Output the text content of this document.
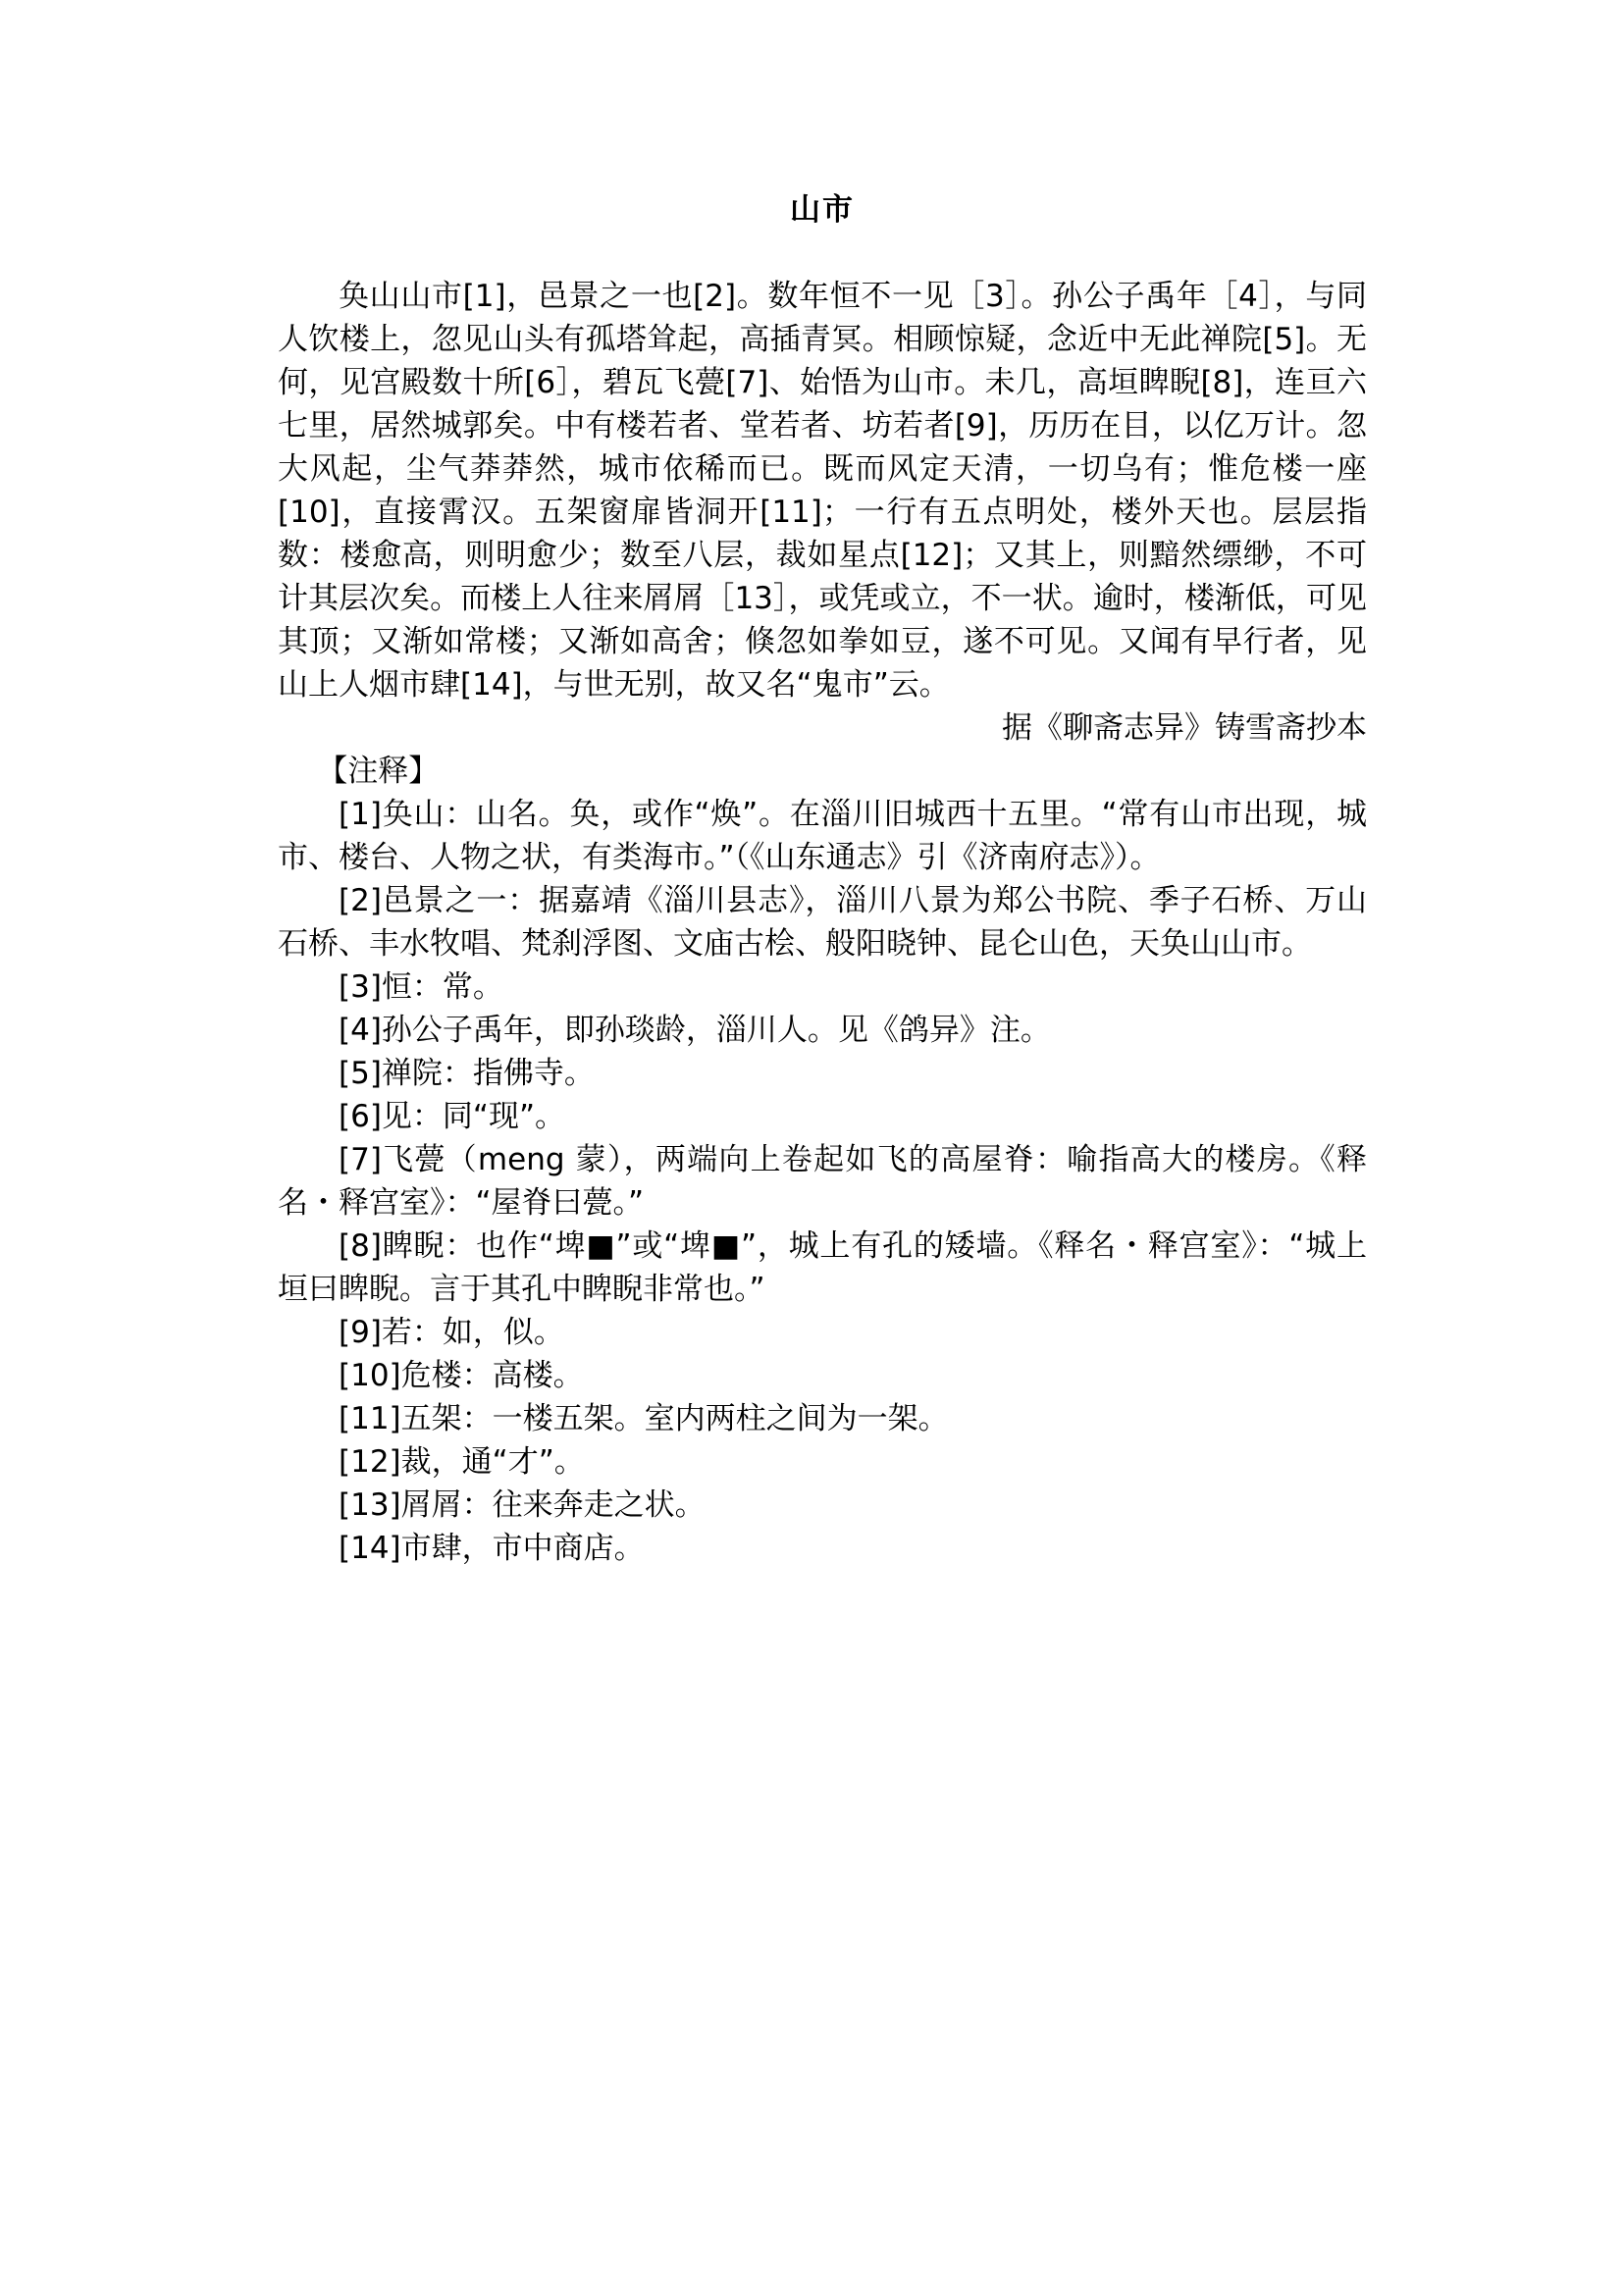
山市

奂山山市[1]，邑景之一也[2]。数年恒不一见［3］。孙公子禹年［4］，与同人饮楼上，忽见山头有孤塔耸起，高插青冥。相顾惊疑，念近中无此禅院[5]。无何，见宫殿数十所[6］，碧瓦飞甍[7]、始悟为山市。未几，高垣睥睨[8]，连亘六七里，居然城郭矣。中有楼若者、堂若者、坊若者[9]，历历在目，以亿万计。忽大风起，尘气莽莽然，城市依稀而已。既而风定天清，一切乌有；惟危楼一座[10]，直接霄汉。五架窗扉皆洞开[11]；一行有五点明处，楼外天也。层层指数：楼愈高，则明愈少；数至八层，裁如星点[12]；又其上，则黯然缥缈，不可计其层次矣。而楼上人往来屑屑［13］，或凭或立，不一状。逾时，楼渐低，可见其顶；又渐如常楼；又渐如高舍；倏忽如拳如豆，遂不可见。又闻有早行者，见山上人烟市肆[14]，与世无别，故又名“鬼市”云。

据《聊斋志异》铸雪斋抄本

【注释】

[1]奂山：山名。奂，或作“焕”。在淄川旧城西十五里。“常有山市出现，城市、楼台、人物之状，有类海市。”（《山东通志》引《济南府志》）。

[2]邑景之一：据嘉靖《淄川县志》，淄川八景为郑公书院、季子石桥、万山石桥、丰水牧唱、梵刹浮图、文庙古桧、般阳晓钟、昆仑山色，天奂山山市。

[3]恒：常。

[4]孙公子禹年，即孙琰龄，淄川人。见《鸽异》注。

[5]禅院：指佛寺。

[6]见：同“现”。

[7]飞甍（meng 蒙），两端向上卷起如飞的高屋脊：喻指高大的楼房。《释名・释宫室》：“屋脊曰甍。”

[8]睥睨：也作“埤■”或“埤■”，城上有孔的矮墙。《释名・释宫室》：“城上垣曰睥睨。言于其孔中睥睨非常也。”

[9]若：如，似。

[10]危楼：高楼。

[11]五架：一楼五架。室内两柱之间为一架。

[12]裁，通“才”。

[13]屑屑：往来奔走之状。

[14]市肆，市中商店。
